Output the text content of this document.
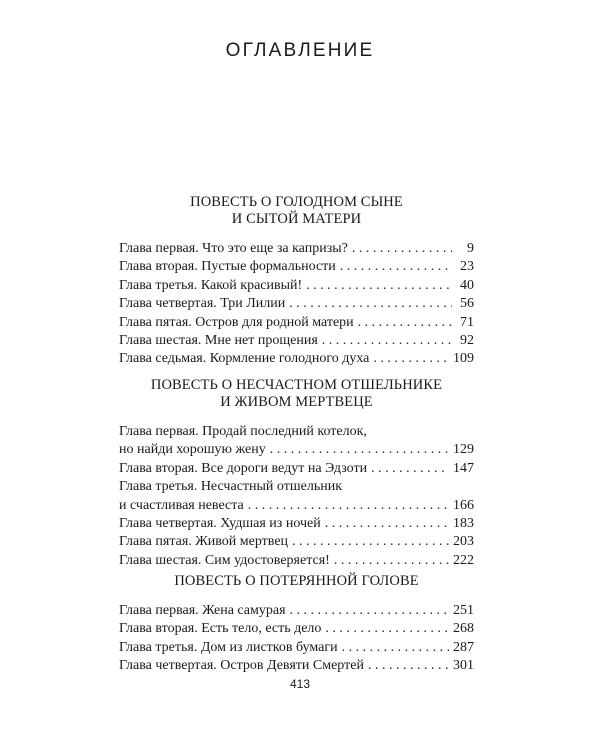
ОГЛАВЛЕНИЕ
ПОВЕСТЬ О ГОЛОДНОМ СЫНЕ
И СЫТОЙ МАТЕРИ
Глава первая. Что это еще за капризы? . . .	9
Глава вторая. Пустые формальности . . .	23
Глава третья. Какой красивый! . . .	40
Глава четвертая. Три Лилии . . .	56
Глава пятая. Остров для родной матери . . .	71
Глава шестая. Мне нет прощения . . .	92
Глава седьмая. Кормление голодного духа . . .	109
ПОВЕСТЬ О НЕСЧАСТНОМ ОТШЕЛЬНИКЕ
И ЖИВОМ МЕРТВЕЦЕ
Глава первая. Продай последний котелок,
но найди хорошую жену . . .	129
Глава вторая. Все дороги ведут на Эдзоти . . .	147
Глава третья. Несчастный отшельник
и счастливая невеста . . .	166
Глава четвертая. Худшая из ночей . . .	183
Глава пятая. Живой мертвец . . .	203
Глава шестая. Сим удостоверяется! . . .	222
ПОВЕСТЬ О ПОТЕРЯННОЙ ГОЛОВЕ
Глава первая. Жена самурая . . .	251
Глава вторая. Есть тело, есть дело . . .	268
Глава третья. Дом из листков бумаги . . .	287
Глава четвертая. Остров Девяти Смертей . . .	301
413
